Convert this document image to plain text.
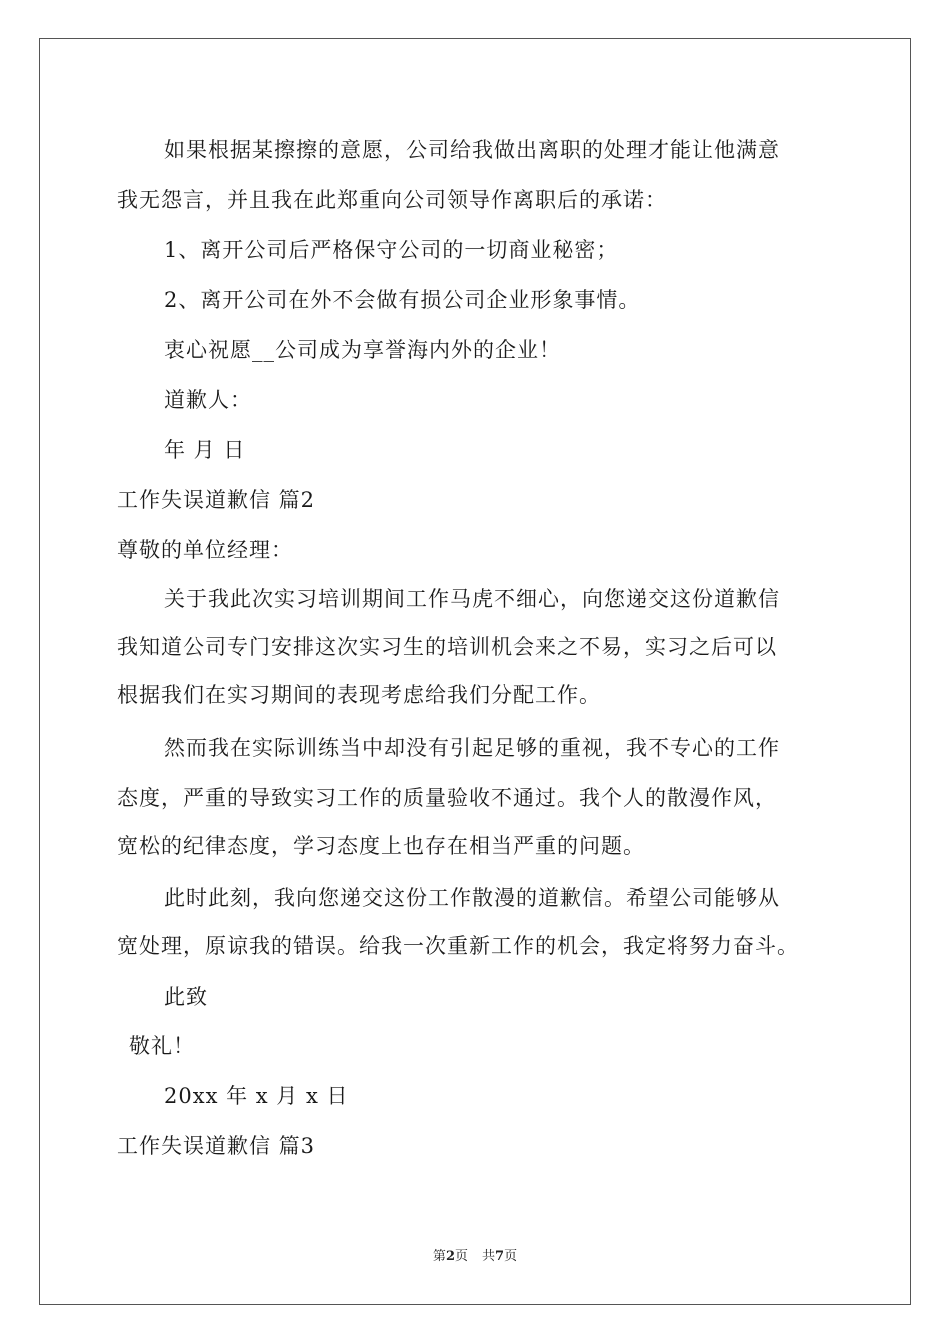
如果根据某擦擦的意愿，公司给我做出离职的处理才能让他满意
我无怨言，并且我在此郑重向公司领导作离职后的承诺：
1、离开公司后严格保守公司的一切商业秘密；
2、离开公司在外不会做有损公司企业形象事情。
衷心祝愿__公司成为享誉海内外的企业！
道歉人：
年 月 日
工作失误道歉信 篇2
尊敬的单位经理：
关于我此次实习培训期间工作马虎不细心，向您递交这份道歉信
我知道公司专门安排这次实习生的培训机会来之不易，实习之后可以
根据我们在实习期间的表现考虑给我们分配工作。
然而我在实际训练当中却没有引起足够的重视，我不专心的工作
态度，严重的导致实习工作的质量验收不通过。我个人的散漫作风，
宽松的纪律态度，学习态度上也存在相当严重的问题。
此时此刻，我向您递交这份工作散漫的道歉信。希望公司能够从
宽处理，原谅我的错误。给我一次重新工作的机会，我定将努力奋斗。
此致
敬礼！
20xx 年 x 月 x 日
工作失误道歉信 篇3
第2页 共7页
